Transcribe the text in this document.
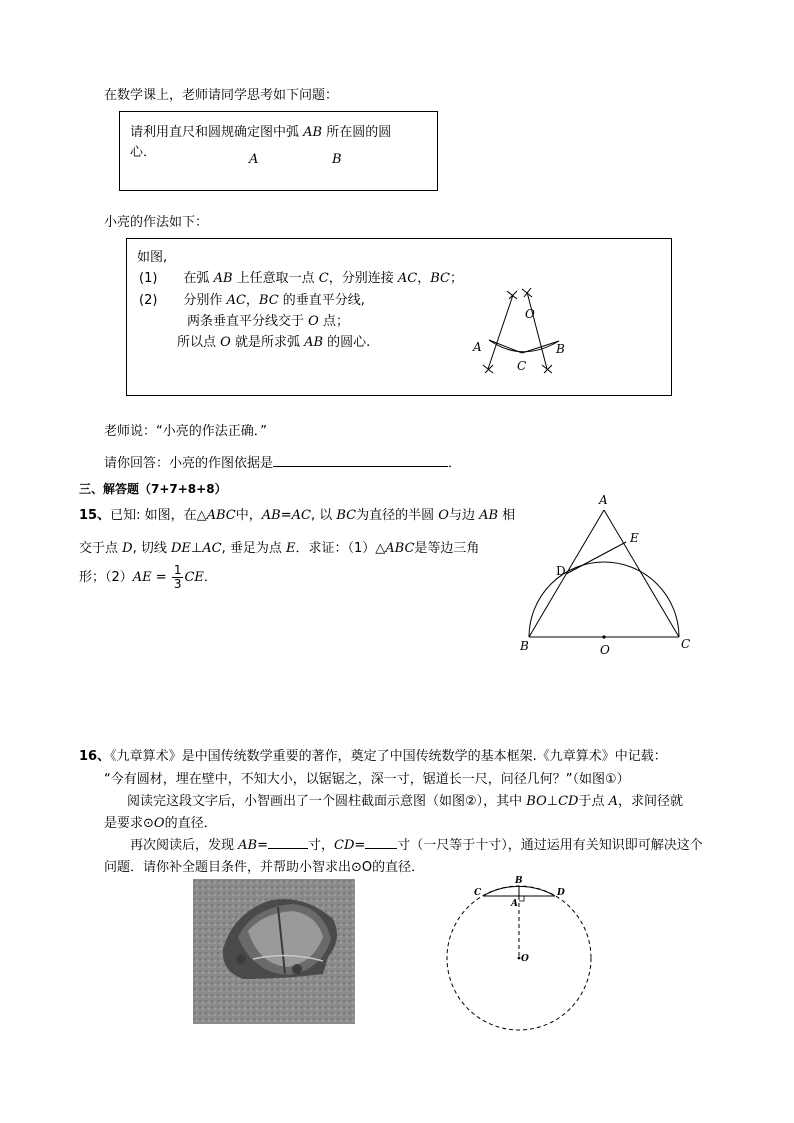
在数学课上，老师请同学思考如下问题：
请利用直尺和圆规确定图中弧 AB 所在圆的圆
心．	A	B
小亮的作法如下：
如图,
(1) 在弧 AB 上任意取一点 C，分别连接 AC，BC；
(2) 分别作 AC，BC 的垂直平分线,
两条垂直平分线交于 O 点；
所以点 O 就是所求弧 AB 的圆心.
O
A	B
C
老师说：“小亮的作法正确．”
请你回答：小亮的作图依据是	．
三、解答题（7+7+8+8）
15、已知: 如图，在△ABC中，AB=AC, 以 BC为直径的半圆 O与边 AB 相
交于点 D, 切线 DE⊥AC, 垂足为点 E．求证：（1）△ABC是等边三角
形；$(2)AE = \frac{1}{3}$ CE．
A
E
D
B	O	C
16、《九章算术》是中国传统数学重要的著作，奠定了中国传统数学的基本框架.《九章算术》中记载：
“今有圆材，埋在壁中，不知大小，以锯锯之，深一寸，锯道长一尺，问径几何？”（如图①）
阅读完这段文字后，小智画出了一个圆柱截面示意图（如图②），其中 BO⊥CD于点 A，求间径就
是要求⊙O的直径．
再次阅读后，发现 AB=	寸，CD= 寸（一尺等于十寸），通过运用有关知识即可解决这个
问题．请你补全题目条件，并帮助小智求出⊙O的直径．
C
B
D
A
O
